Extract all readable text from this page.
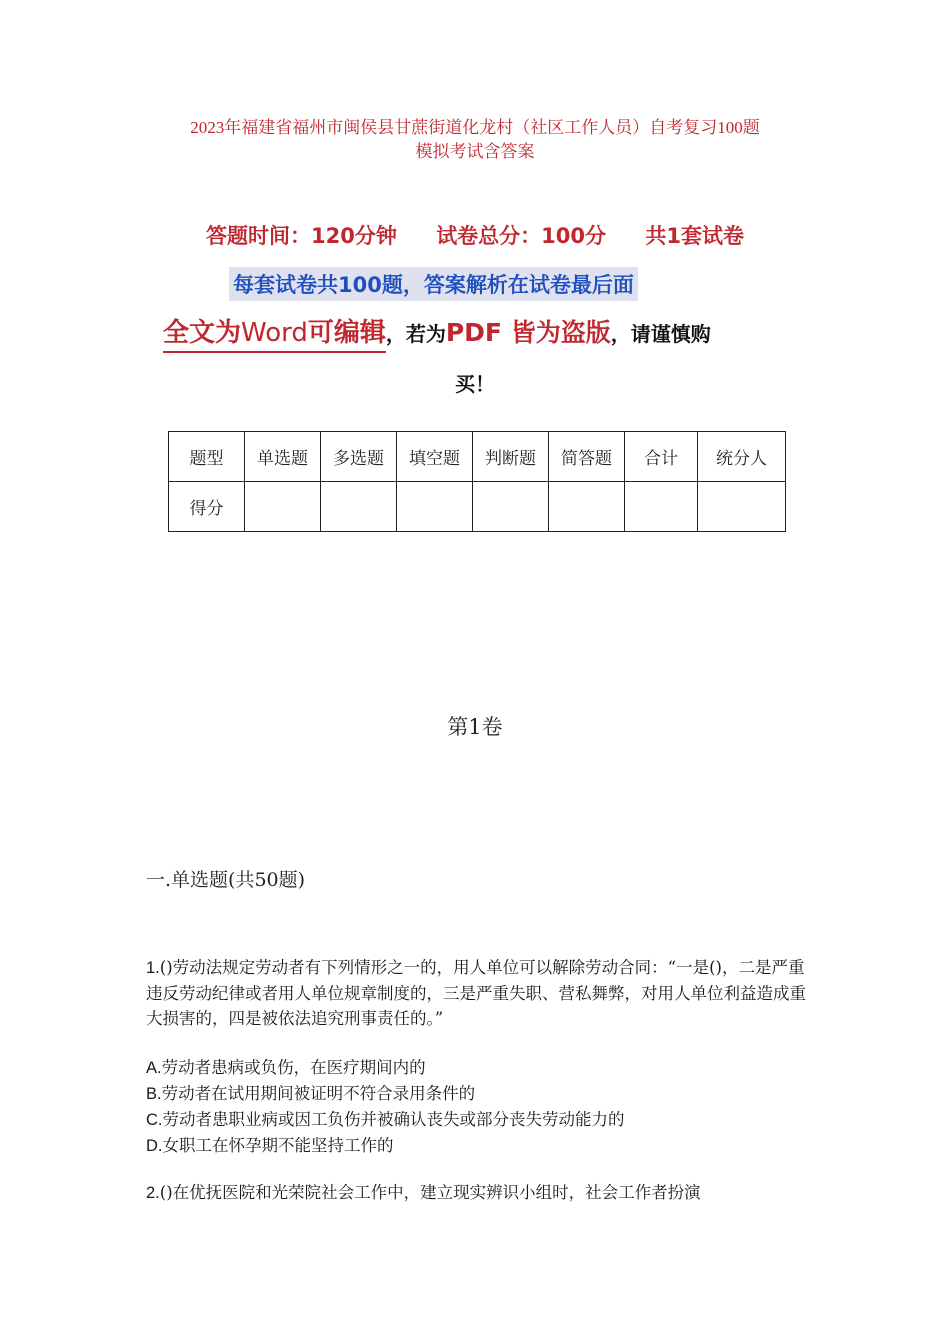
2023年福建省福州市闽侯县甘蔗街道化龙村（社区工作人员）自考复习100题
模拟考试含答案
答题时间：120分钟 试卷总分：100分 共1套试卷
每套试卷共100题，答案解析在试卷最后面
全文为Word可编辑，若为PDF 皆为盗版，请谨慎购
买！
题型	单选题	多选题	填空题	判断题	简答题	合计	统分人
得分							
第1卷
一.单选题(共50题)
1.()劳动法规定劳动者有下列情形之一的，用人单位可以解除劳动合同：“一是()，二是严重违反劳动纪律或者用人单位规章制度的，三是严重失职、营私舞弊，对用人单位利益造成重大损害的，四是被依法追究刑事责任的。”
A.劳动者患病或负伤，在医疗期间内的
B.劳动者在试用期间被证明不符合录用条件的
C.劳动者患职业病或因工负伤并被确认丧失或部分丧失劳动能力的
D.女职工在怀孕期不能坚持工作的
2.()在优抚医院和光荣院社会工作中，建立现实辨识小组时，社会工作者扮演
